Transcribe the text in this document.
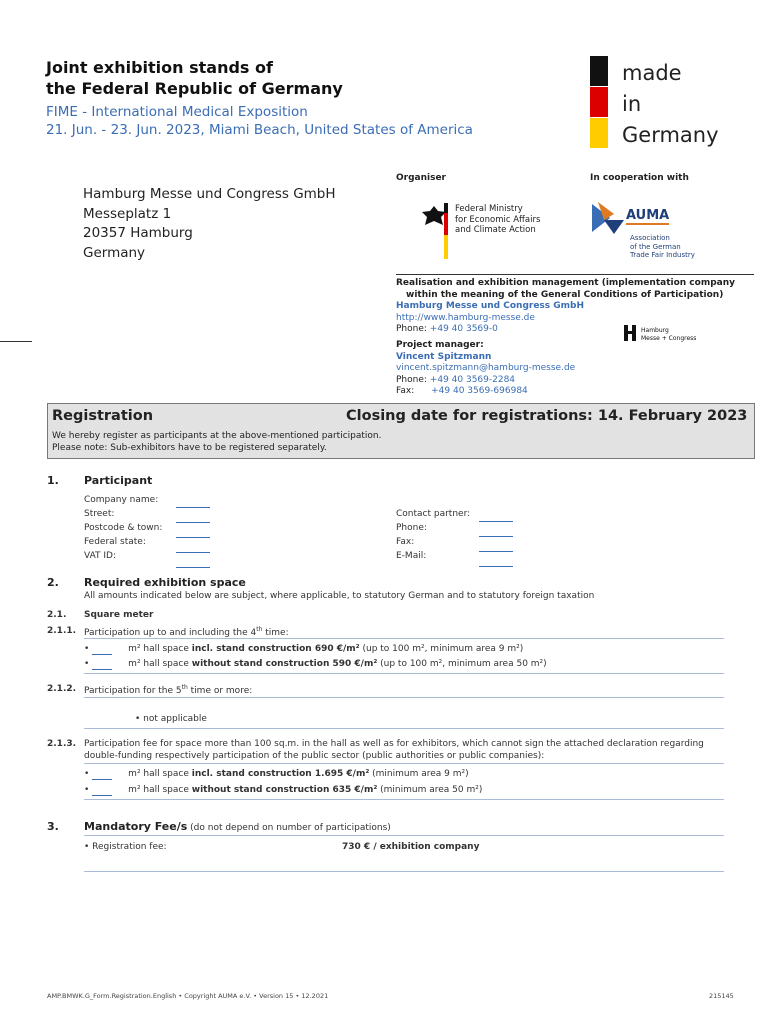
Joint exhibition stands of
the Federal Republic of Germany
FIME - International Medical Exposition
21. Jun. - 23. Jun. 2023, Miami Beach, United States of America
made
in
Germany
Organiser	In cooperation with
Hamburg Messe und Congress GmbH
Messeplatz 1
20357 Hamburg
Germany
Federal Ministry
for Economic Affairs
and Climate Action
AUMA
Association
of the German
Trade Fair Industry
Realisation and exhibition management (implementation company
within the meaning of the General Conditions of Participation)
Hamburg Messe und Congress GmbH
http://www.hamburg-messe.de
Phone: +49 40 3569-0
Project manager:
Vincent Spitzmann
vincent.spitzmann@hamburg-messe.de
Phone: +49 40 3569-2284
Fax: +49 40 3569-696984
Hamburg
Messe + Congress
Registration	Closing date for registrations: 14. February 2023
We hereby register as participants at the above-mentioned participation.
Please note: Sub-exhibitors have to be registered separately.
1. Participant
Company name:
Street:
Postcode & town:
Federal state:
VAT ID:

Contact partner:
Phone:
Fax:
E-Mail:

2. Required exhibition space
All amounts indicated below are subject, where applicable, to statutory German and to statutory foreign taxation
2.1. Square meter
2.1.1. Participation up to and including the 4th time:
•	m² hall space incl. stand construction 690 €/m² (up to 100 m², minimum area 9 m²)
•	m² hall space without stand construction 590 €/m² (up to 100 m², minimum area 50 m²)
2.1.2. Participation for the 5th time or more:
• not applicable
2.1.3. Participation fee for space more than 100 sq.m. in the hall as well as for exhibitors, which cannot sign the attached declaration regarding
double-funding respectively participation of the public sector (public authorities or public companies):
•	m² hall space incl. stand construction 1.695 €/m² (minimum area 9 m²)
•	m² hall space without stand construction 635 €/m² (minimum area 50 m²)
3. Mandatory Fee/s (do not depend on number of participations)
• Registration fee:	730 € / exhibition company
AMP.BMWK.G_Form.Registration.English • Copyright AUMA e.V. • Version 15 • 12.2021	215145
